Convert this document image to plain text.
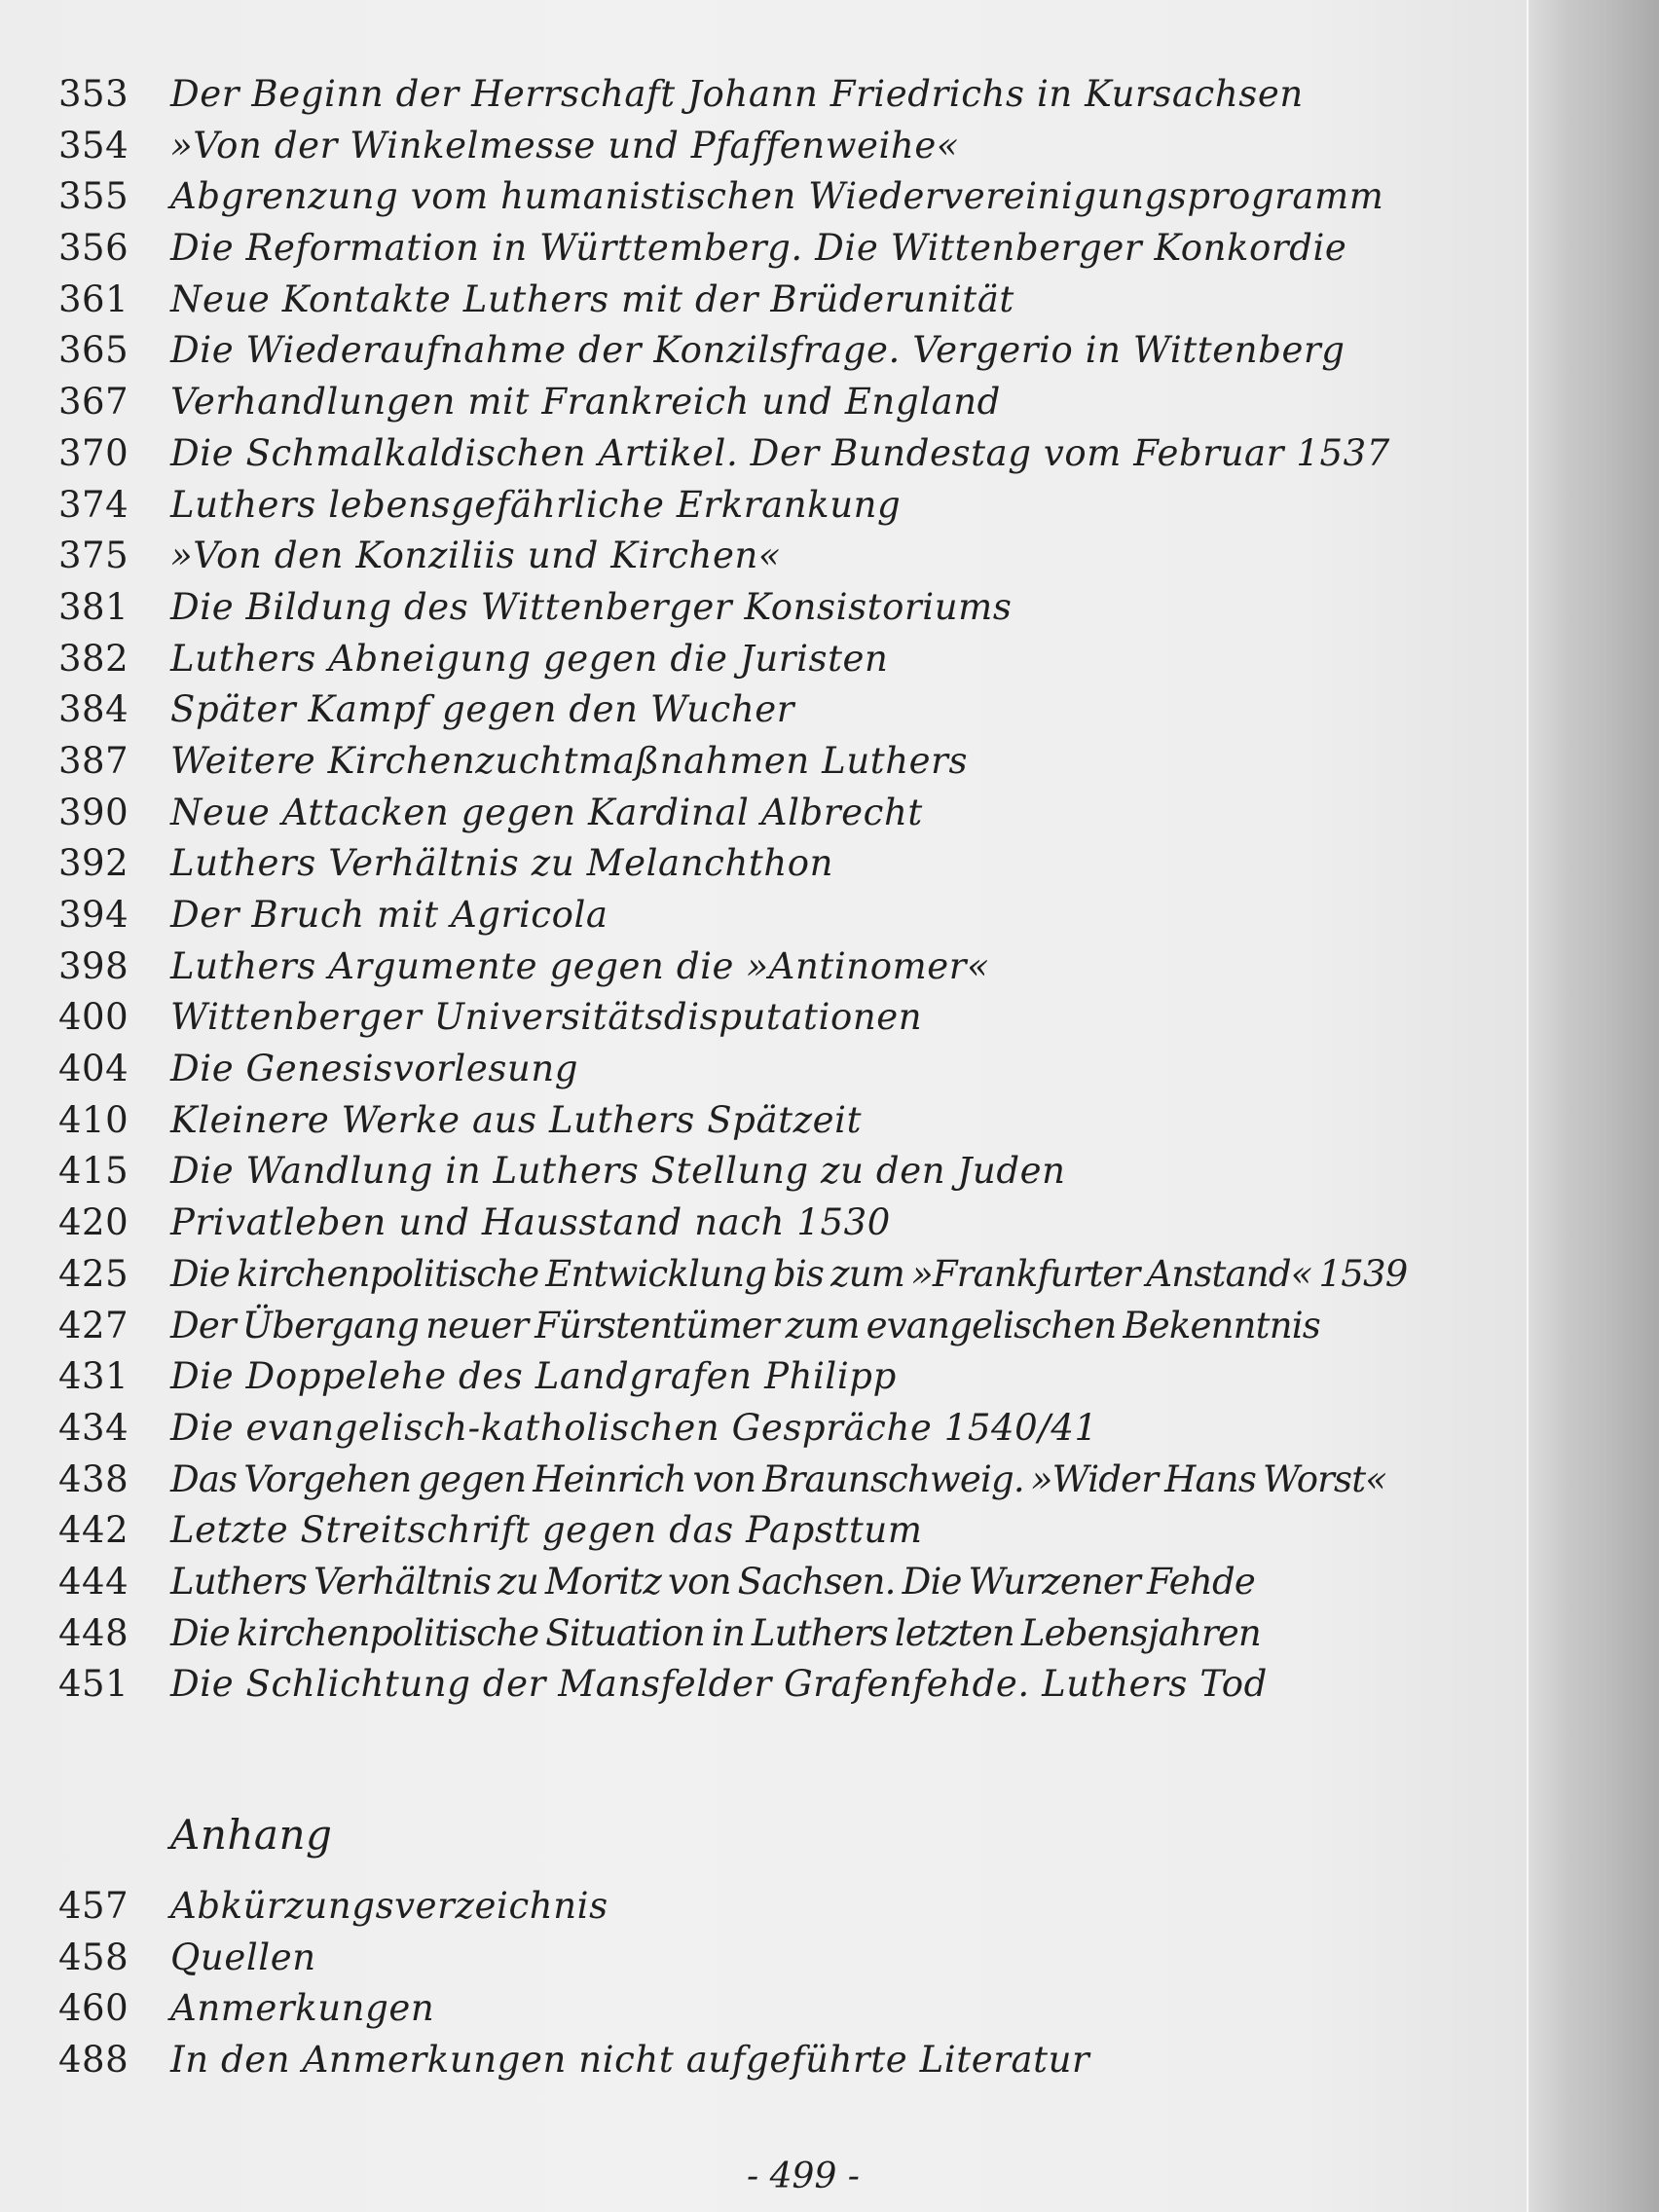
353	Der Beginn der Herrschaft Johann Friedrichs in Kursachsen
354	»Von der Winkelmesse und Pfaffenweihe«
355	Abgrenzung vom humanistischen Wiedervereinigungsprogramm
356	Die Reformation in Württemberg. Die Wittenberger Konkordie
361	Neue Kontakte Luthers mit der Brüderunität
365	Die Wiederaufnahme der Konzilsfrage. Vergerio in Wittenberg
367	Verhandlungen mit Frankreich und England
370	Die Schmalkaldischen Artikel. Der Bundestag vom Februar 1537
374	Luthers lebensgefährliche Erkrankung
375	»Von den Konziliis und Kirchen«
381	Die Bildung des Wittenberger Konsistoriums
382	Luthers Abneigung gegen die Juristen
384	Später Kampf gegen den Wucher
387	Weitere Kirchenzuchtmaßnahmen Luthers
390	Neue Attacken gegen Kardinal Albrecht
392	Luthers Verhältnis zu Melanchthon
394	Der Bruch mit Agricola
398	Luthers Argumente gegen die »Antinomer«
400	Wittenberger Universitätsdisputationen
404	Die Genesisvorlesung
410	Kleinere Werke aus Luthers Spätzeit
415	Die Wandlung in Luthers Stellung zu den Juden
420	Privatleben und Hausstand nach 1530
425	Die kirchenpolitische Entwicklung bis zum »Frankfurter Anstand« 1539
427	Der Übergang neuer Fürstentümer zum evangelischen Bekenntnis
431	Die Doppelehe des Landgrafen Philipp
434	Die evangelisch-katholischen Gespräche 1540/41
438	Das Vorgehen gegen Heinrich von Braunschweig. »Wider Hans Worst«
442	Letzte Streitschrift gegen das Papsttum
444	Luthers Verhältnis zu Moritz von Sachsen. Die Wurzener Fehde
448	Die kirchenpolitische Situation in Luthers letzten Lebensjahren
451	Die Schlichtung der Mansfelder Grafenfehde. Luthers Tod
Anhang
457	Abkürzungsverzeichnis
458	Quellen
460	Anmerkungen
488	In den Anmerkungen nicht aufgeführte Literatur
- 499 -
